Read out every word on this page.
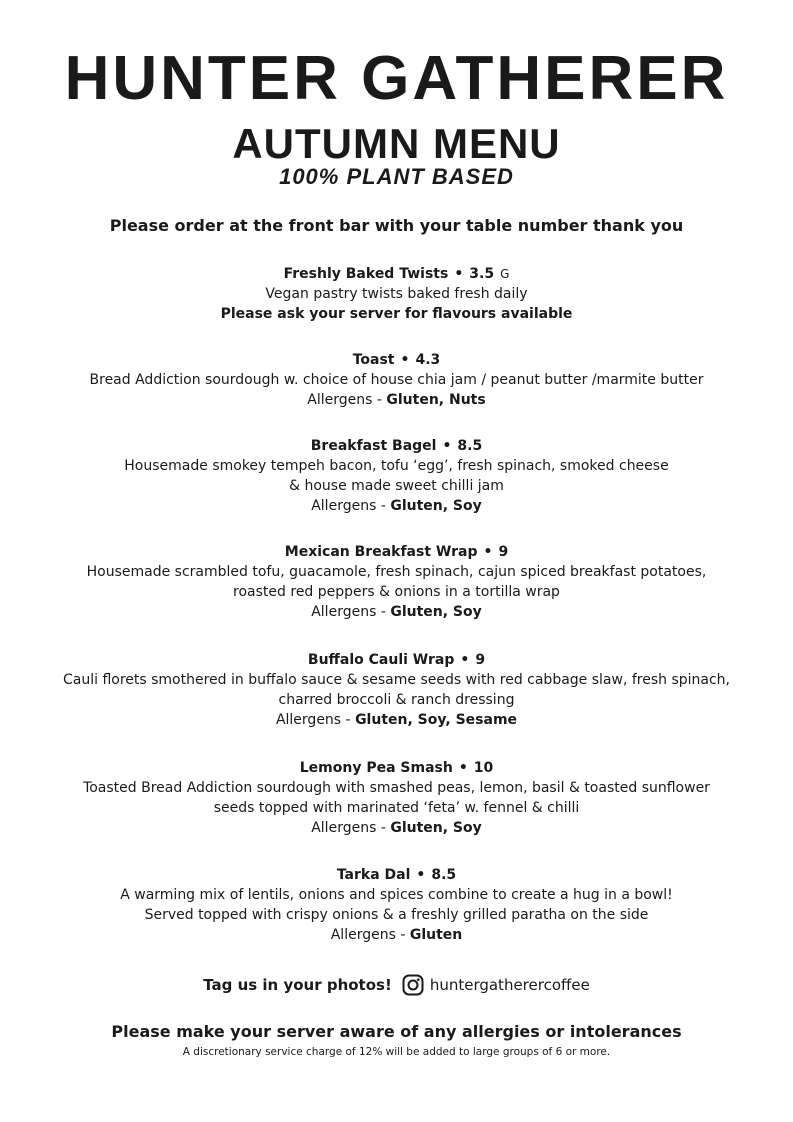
HUNTER GATHERER
AUTUMN MENU
100% PLANT BASED
Please order at the front bar with your table number thank you
Freshly Baked Twists • 3.5 G
Vegan pastry twists baked fresh daily
Please ask your server for flavours available
Toast • 4.3
Bread Addiction sourdough w. choice of house chia jam / peanut butter /marmite butter
Allergens - Gluten, Nuts
Breakfast Bagel • 8.5
Housemade smokey tempeh bacon, tofu ‘egg’, fresh spinach, smoked cheese
& house made sweet chilli jam
Allergens - Gluten, Soy
Mexican Breakfast Wrap • 9
Housemade scrambled tofu, guacamole, fresh spinach, cajun spiced breakfast potatoes,
roasted red peppers & onions in a tortilla wrap
Allergens - Gluten, Soy
Buffalo Cauli Wrap • 9
Cauli florets smothered in buffalo sauce & sesame seeds with red cabbage slaw, fresh spinach,
charred broccoli & ranch dressing
Allergens - Gluten, Soy, Sesame
Lemony Pea Smash • 10
Toasted Bread Addiction sourdough with smashed peas, lemon, basil & toasted sunflower
seeds topped with marinated ‘feta’ w. fennel & chilli
Allergens - Gluten, Soy
Tarka Dal • 8.5
A warming mix of lentils, onions and spices combine to create a hug in a bowl!
Served topped with crispy onions & a freshly grilled paratha on the side
Allergens - Gluten
Tag us in your photos!	huntergatherercoffee
Please make your server aware of any allergies or intolerances
A discretionary service charge of 12% will be added to large groups of 6 or more.
